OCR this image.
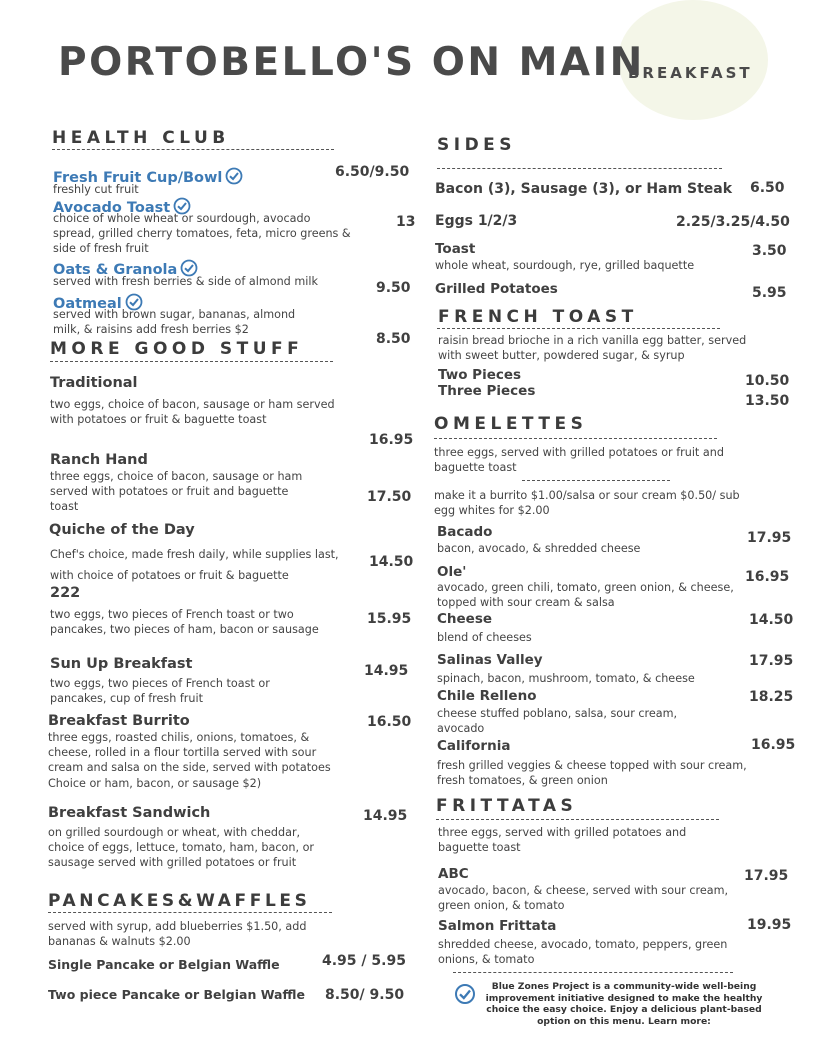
PORTOBELLO'S ON MAIN
BREAKFAST
HEALTH CLUB
Fresh Fruit Cup/Bowl
freshly cut fruit
6.50/9.50
Avocado Toast
choice of whole wheat or sourdough, avocado spread, grilled cherry tomatoes, feta, micro greens & side of fresh fruit
13
Oats & Granola
served with fresh berries & side of almond milk	9.50
Oatmeal
served with brown sugar, bananas, almond milk, & raisins add fresh berries $2
8.50
MORE GOOD STUFF
Traditional
two eggs, choice of bacon, sausage or ham served with potatoes or fruit & baguette toast
16.95
Ranch Hand
three eggs, choice of bacon, sausage or ham served with potatoes or fruit and baguette toast
17.50
Quiche of the Day
Chef's choice, made fresh daily, while supplies last, with choice of potatoes or fruit & baguette
14.50
222
two eggs, two pieces of French toast or two pancakes, two pieces of ham, bacon or sausage
15.95
Sun Up Breakfast
two eggs, two pieces of French toast or pancakes, cup of fresh fruit
14.95
Breakfast Burrito
three eggs, roasted chilis, onions, tomatoes, & cheese, rolled in a flour tortilla served with sour cream and salsa on the side, served with potatoes Choice or ham, bacon, or sausage $2)
16.50
Breakfast Sandwich
on grilled sourdough or wheat, with cheddar, choice of eggs, lettuce, tomato, ham, bacon, or sausage served with grilled potatoes or fruit
14.95
PANCAKES&WAFFLES
served with syrup, add blueberries $1.50, add bananas & walnuts $2.00
Single Pancake or Belgian Waffle	4.95 / 5.95
Two piece Pancake or Belgian Waffle 8.50/ 9.50
SIDES
Bacon (3), Sausage (3), or Ham Steak 6.50
Eggs 1/2/3	2.25/3.25/4.50
Toast
whole wheat, sourdough, rye, grilled baquette
3.50
Grilled Potatoes	5.95
FRENCH TOAST
raisin bread brioche in a rich vanilla egg batter, served with sweet butter, powdered sugar, & syrup
Two Pieces	10.50
Three Pieces
13.50
OMELETTES
three eggs, served with grilled potatoes or fruit and baguette toast
make it a burrito $1.00/salsa or sour cream $0.50/ sub egg whites for $2.00
Bacado
bacon, avocado, & shredded cheese
17.95
Ole'
avocado, green chili, tomato, green onion, & cheese, topped with sour cream & salsa
16.95
Cheese
blend of cheeses
14.50
Salinas Valley
spinach, bacon, mushroom, tomato, & cheese
17.95
Chile Relleno
cheese stuffed poblano, salsa, sour cream, avocado
18.25
California
fresh grilled veggies & cheese topped with sour cream, fresh tomatoes, & green onion
16.95
FRITTATAS
three eggs, served with grilled potatoes and baguette toast
ABC
avocado, bacon, & cheese, served with sour cream, green onion, & tomato
17.95
Salmon Frittata
shredded cheese, avocado, tomato, peppers, green onions, & tomato
19.95
Blue Zones Project is a community-wide well-being improvement initiative designed to make the healthy choice the easy choice. Enjoy a delicious plant-based option on this menu. Learn more:
